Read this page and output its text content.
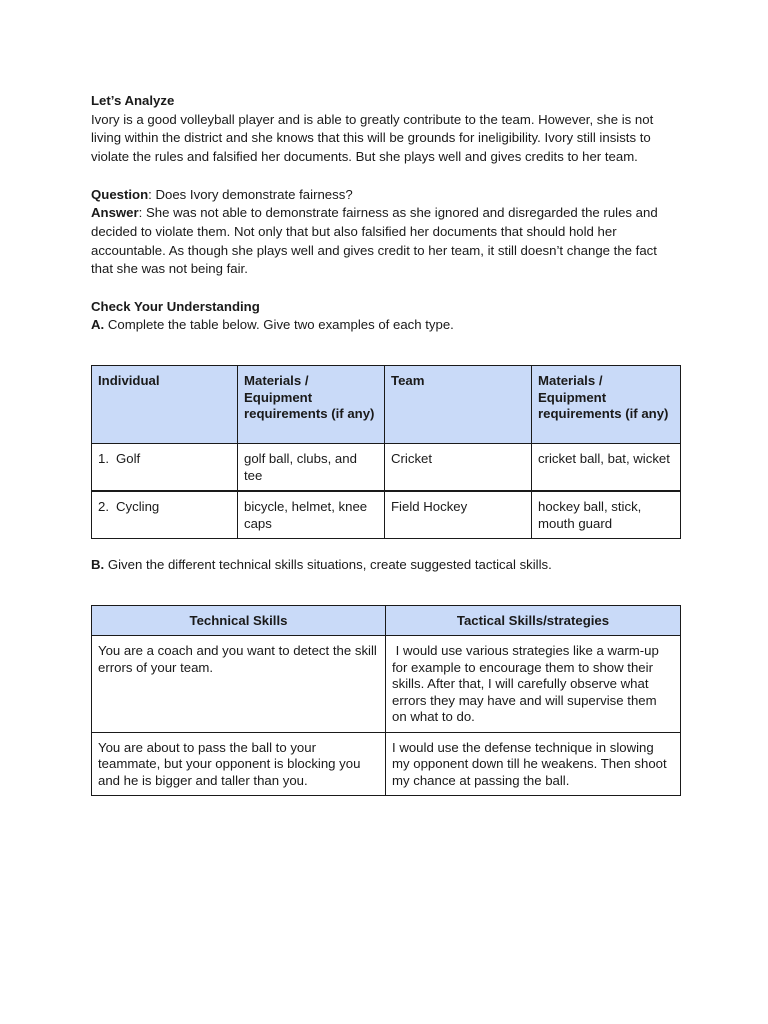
Let’s Analyze

Ivory is a good volleyball player and is able to greatly contribute to the team. However, she is not living within the district and she knows that this will be grounds for ineligibility. Ivory still insists to violate the rules and falsified her documents. But she plays well and gives credits to her team.

Question: Does Ivory demonstrate fairness?

Answer: She was not able to demonstrate fairness as she ignored and disregarded the rules and decided to violate them. Not only that but also falsified her documents that should hold her accountable. As though she plays well and gives credit to her team, it still doesn’t change the fact that she was not being fair.

Check Your Understanding

A. Complete the table below. Give two examples of each type.

Individual	Materials / Equipment requirements (if any)	Team	Materials / Equipment requirements (if any)
1. Golf	golf ball, clubs, and tee	Cricket	cricket ball, bat, wicket
2. Cycling	bicycle, helmet, knee caps	Field Hockey	hockey ball, stick, mouth guard

B. Given the different technical skills situations, create suggested tactical skills.

Technical Skills	Tactical Skills/strategies
You are a coach and you want to detect the skill errors of your team.	I would use various strategies like a warm-up for example to encourage them to show their skills. After that, I will carefully observe what errors they may have and will supervise them on what to do.
You are about to pass the ball to your teammate, but your opponent is blocking you and he is bigger and taller than you.	I would use the defense technique in slowing my opponent down till he weakens. Then shoot my chance at passing the ball.
